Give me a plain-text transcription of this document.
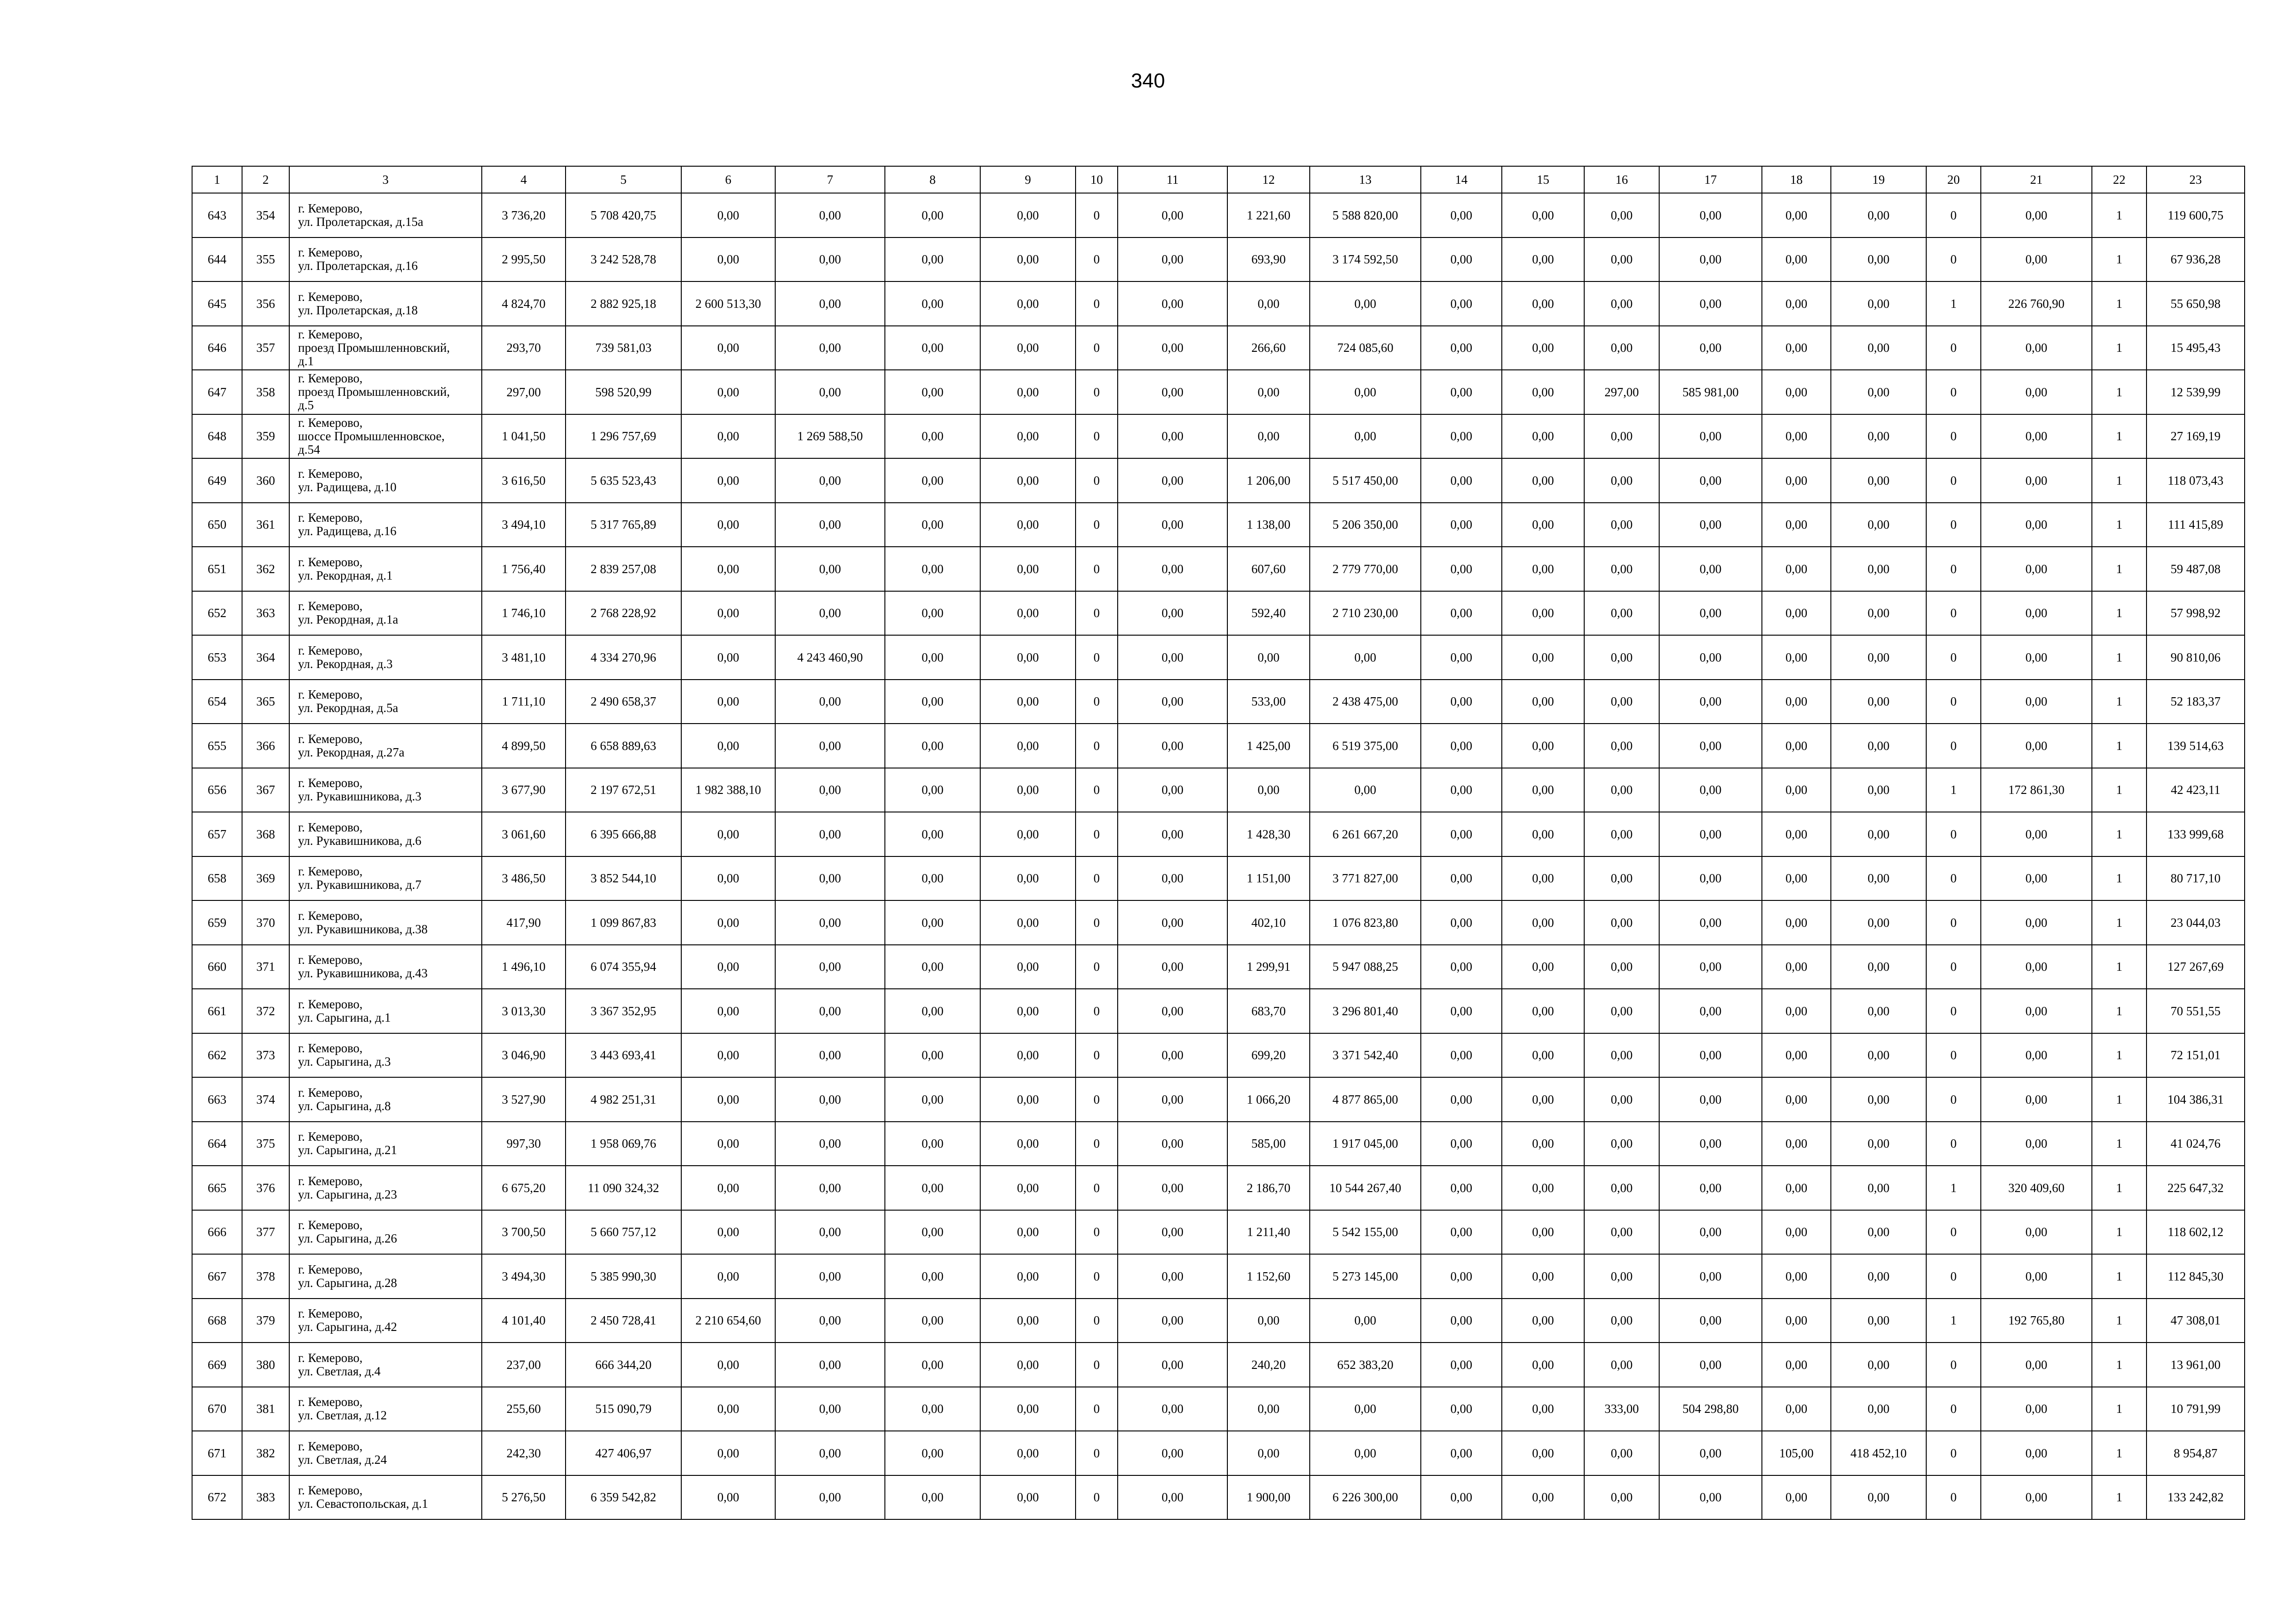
340
1	2	3	4	5	6	7	8	9	10	11	12	13	14	15	16	17	18	19	20	21	22	23
643	354	г. Кемерово,
ул. Пролетарская, д.15а	3 736,20	5 708 420,75	0,00	0,00	0,00	0,00	0	0,00	1 221,60	5 588 820,00	0,00	0,00	0,00	0,00	0,00	0,00	0	0,00	1	119 600,75
644	355	г. Кемерово,
ул. Пролетарская, д.16	2 995,50	3 242 528,78	0,00	0,00	0,00	0,00	0	0,00	693,90	3 174 592,50	0,00	0,00	0,00	0,00	0,00	0,00	0	0,00	1	67 936,28
645	356	г. Кемерово,
ул. Пролетарская, д.18	4 824,70	2 882 925,18	2 600 513,30	0,00	0,00	0,00	0	0,00	0,00	0,00	0,00	0,00	0,00	0,00	0,00	0,00	1	226 760,90	1	55 650,98
646	357	г. Кемерово,
проезд Промышленновский,
д.1	293,70	739 581,03	0,00	0,00	0,00	0,00	0	0,00	266,60	724 085,60	0,00	0,00	0,00	0,00	0,00	0,00	0	0,00	1	15 495,43
647	358	г. Кемерово,
проезд Промышленновский,
д.5	297,00	598 520,99	0,00	0,00	0,00	0,00	0	0,00	0,00	0,00	0,00	0,00	297,00	585 981,00	0,00	0,00	0	0,00	1	12 539,99
648	359	г. Кемерово,
шоссе Промышленновское,
д.54	1 041,50	1 296 757,69	0,00	1 269 588,50	0,00	0,00	0	0,00	0,00	0,00	0,00	0,00	0,00	0,00	0,00	0,00	0	0,00	1	27 169,19
649	360	г. Кемерово,
ул. Радищева, д.10	3 616,50	5 635 523,43	0,00	0,00	0,00	0,00	0	0,00	1 206,00	5 517 450,00	0,00	0,00	0,00	0,00	0,00	0,00	0	0,00	1	118 073,43
650	361	г. Кемерово,
ул. Радищева, д.16	3 494,10	5 317 765,89	0,00	0,00	0,00	0,00	0	0,00	1 138,00	5 206 350,00	0,00	0,00	0,00	0,00	0,00	0,00	0	0,00	1	111 415,89
651	362	г. Кемерово,
ул. Рекордная, д.1	1 756,40	2 839 257,08	0,00	0,00	0,00	0,00	0	0,00	607,60	2 779 770,00	0,00	0,00	0,00	0,00	0,00	0,00	0	0,00	1	59 487,08
652	363	г. Кемерово,
ул. Рекордная, д.1а	1 746,10	2 768 228,92	0,00	0,00	0,00	0,00	0	0,00	592,40	2 710 230,00	0,00	0,00	0,00	0,00	0,00	0,00	0	0,00	1	57 998,92
653	364	г. Кемерово,
ул. Рекордная, д.3	3 481,10	4 334 270,96	0,00	4 243 460,90	0,00	0,00	0	0,00	0,00	0,00	0,00	0,00	0,00	0,00	0,00	0,00	0	0,00	1	90 810,06
654	365	г. Кемерово,
ул. Рекордная, д.5а	1 711,10	2 490 658,37	0,00	0,00	0,00	0,00	0	0,00	533,00	2 438 475,00	0,00	0,00	0,00	0,00	0,00	0,00	0	0,00	1	52 183,37
655	366	г. Кемерово,
ул. Рекордная, д.27а	4 899,50	6 658 889,63	0,00	0,00	0,00	0,00	0	0,00	1 425,00	6 519 375,00	0,00	0,00	0,00	0,00	0,00	0,00	0	0,00	1	139 514,63
656	367	г. Кемерово,
ул. Рукавишникова, д.3	3 677,90	2 197 672,51	1 982 388,10	0,00	0,00	0,00	0	0,00	0,00	0,00	0,00	0,00	0,00	0,00	0,00	0,00	1	172 861,30	1	42 423,11
657	368	г. Кемерово,
ул. Рукавишникова, д.6	3 061,60	6 395 666,88	0,00	0,00	0,00	0,00	0	0,00	1 428,30	6 261 667,20	0,00	0,00	0,00	0,00	0,00	0,00	0	0,00	1	133 999,68
658	369	г. Кемерово,
ул. Рукавишникова, д.7	3 486,50	3 852 544,10	0,00	0,00	0,00	0,00	0	0,00	1 151,00	3 771 827,00	0,00	0,00	0,00	0,00	0,00	0,00	0	0,00	1	80 717,10
659	370	г. Кемерово,
ул. Рукавишникова, д.38	417,90	1 099 867,83	0,00	0,00	0,00	0,00	0	0,00	402,10	1 076 823,80	0,00	0,00	0,00	0,00	0,00	0,00	0	0,00	1	23 044,03
660	371	г. Кемерово,
ул. Рукавишникова, д.43	1 496,10	6 074 355,94	0,00	0,00	0,00	0,00	0	0,00	1 299,91	5 947 088,25	0,00	0,00	0,00	0,00	0,00	0,00	0	0,00	1	127 267,69
661	372	г. Кемерово,
ул. Сарыгина, д.1	3 013,30	3 367 352,95	0,00	0,00	0,00	0,00	0	0,00	683,70	3 296 801,40	0,00	0,00	0,00	0,00	0,00	0,00	0	0,00	1	70 551,55
662	373	г. Кемерово,
ул. Сарыгина, д.3	3 046,90	3 443 693,41	0,00	0,00	0,00	0,00	0	0,00	699,20	3 371 542,40	0,00	0,00	0,00	0,00	0,00	0,00	0	0,00	1	72 151,01
663	374	г. Кемерово,
ул. Сарыгина, д.8	3 527,90	4 982 251,31	0,00	0,00	0,00	0,00	0	0,00	1 066,20	4 877 865,00	0,00	0,00	0,00	0,00	0,00	0,00	0	0,00	1	104 386,31
664	375	г. Кемерово,
ул. Сарыгина, д.21	997,30	1 958 069,76	0,00	0,00	0,00	0,00	0	0,00	585,00	1 917 045,00	0,00	0,00	0,00	0,00	0,00	0,00	0	0,00	1	41 024,76
665	376	г. Кемерово,
ул. Сарыгина, д.23	6 675,20	11 090 324,32	0,00	0,00	0,00	0,00	0	0,00	2 186,70	10 544 267,40	0,00	0,00	0,00	0,00	0,00	0,00	1	320 409,60	1	225 647,32
666	377	г. Кемерово,
ул. Сарыгина, д.26	3 700,50	5 660 757,12	0,00	0,00	0,00	0,00	0	0,00	1 211,40	5 542 155,00	0,00	0,00	0,00	0,00	0,00	0,00	0	0,00	1	118 602,12
667	378	г. Кемерово,
ул. Сарыгина, д.28	3 494,30	5 385 990,30	0,00	0,00	0,00	0,00	0	0,00	1 152,60	5 273 145,00	0,00	0,00	0,00	0,00	0,00	0,00	0	0,00	1	112 845,30
668	379	г. Кемерово,
ул. Сарыгина, д.42	4 101,40	2 450 728,41	2 210 654,60	0,00	0,00	0,00	0	0,00	0,00	0,00	0,00	0,00	0,00	0,00	0,00	0,00	1	192 765,80	1	47 308,01
669	380	г. Кемерово,
ул. Светлая, д.4	237,00	666 344,20	0,00	0,00	0,00	0,00	0	0,00	240,20	652 383,20	0,00	0,00	0,00	0,00	0,00	0,00	0	0,00	1	13 961,00
670	381	г. Кемерово,
ул. Светлая, д.12	255,60	515 090,79	0,00	0,00	0,00	0,00	0	0,00	0,00	0,00	0,00	0,00	333,00	504 298,80	0,00	0,00	0	0,00	1	10 791,99
671	382	г. Кемерово,
ул. Светлая, д.24	242,30	427 406,97	0,00	0,00	0,00	0,00	0	0,00	0,00	0,00	0,00	0,00	0,00	0,00	105,00	418 452,10	0	0,00	1	8 954,87
672	383	г. Кемерово,
ул. Севастопольская, д.1	5 276,50	6 359 542,82	0,00	0,00	0,00	0,00	0	0,00	1 900,00	6 226 300,00	0,00	0,00	0,00	0,00	0,00	0,00	0	0,00	1	133 242,82
